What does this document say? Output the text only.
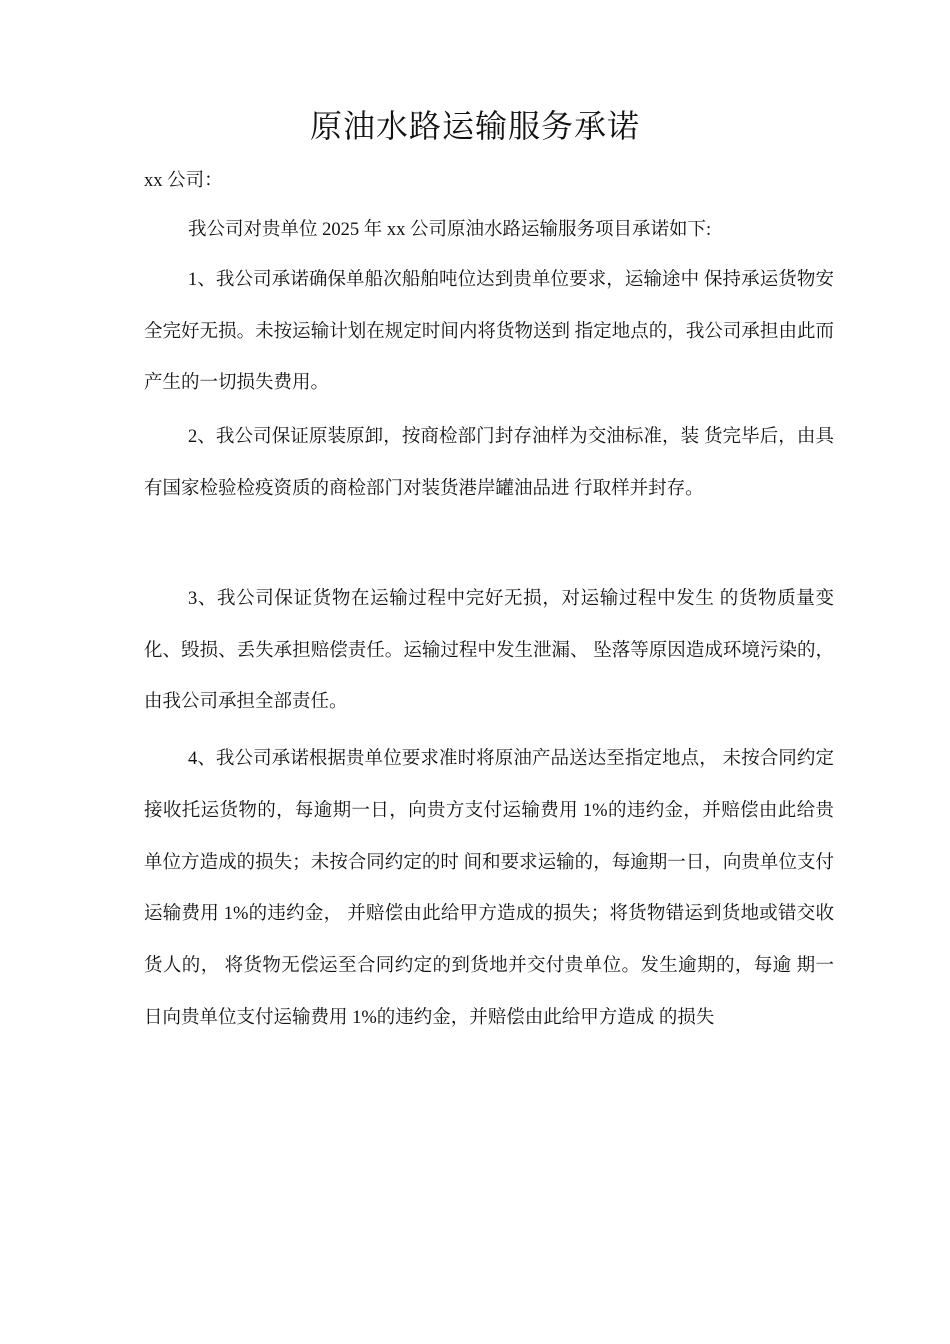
原油水路运输服务承诺
xx 公司：
我公司对贵单位 2025 年 xx 公司原油水路运输服务项目承诺如下:

1、我公司承诺确保单船次船舶吨位达到贵单位要求，运输途中 保持承运货物安全完好无损。未按运输计划在规定时间内将货物送到 指定地点的，我公司承担由此而产生的一切损失费用。

2、我公司保证原装原卸，按商检部门封存油样为交油标准，装 货完毕后，由具有国家检验检疫资质的商检部门对装货港岸罐油品进 行取样并封存。

3、我公司保证货物在运输过程中完好无损，对运输过程中发生 的货物质量变化、毁损、丢失承担赔偿责任。运输过程中发生泄漏、 坠落等原因造成环境污染的，由我公司承担全部责任。

4、我公司承诺根据贵单位要求准时将原油产品送达至指定地点， 未按合同约定接收托运货物的，每逾期一日，向贵方支付运输费用 1%的违约金，并赔偿由此给贵单位方造成的损失；未按合同约定的时 间和要求运输的，每逾期一日，向贵单位支付运输费用 1%的违约金， 并赔偿由此给甲方造成的损失；将货物错运到货地或错交收货人的， 将货物无偿运至合同约定的到货地并交付贵单位。发生逾期的，每逾 期一日向贵单位支付运输费用 1%的违约金，并赔偿由此给甲方造成 的损失
